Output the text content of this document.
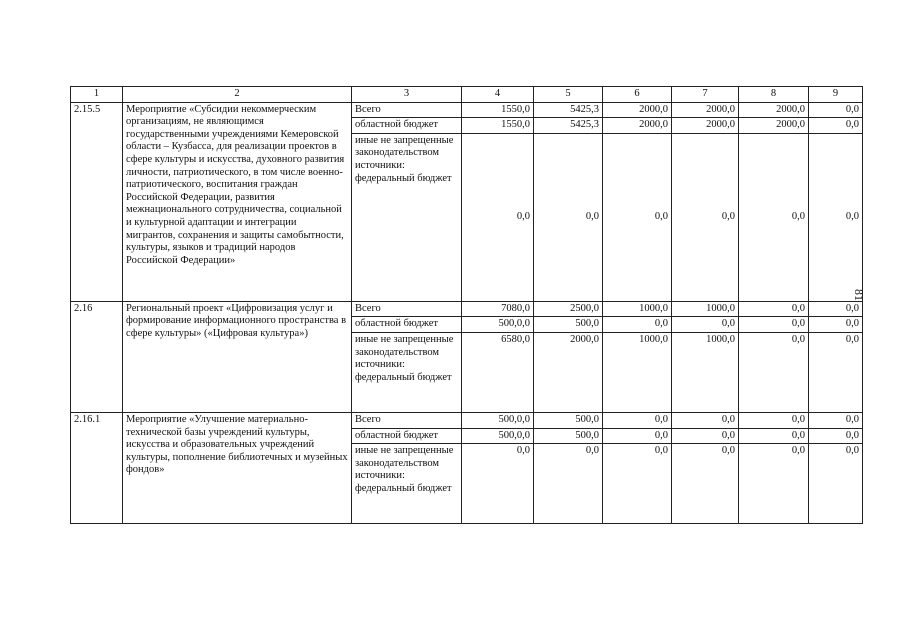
1	2	3	4	5	6	7	8	9
2.15.5	Мероприятие «Субсидии некоммерческим организациям, не являющимся государственными учреждениями Кемеровской области – Кузбасса, для реализации проектов в сфере культуры и искусства, духовного развития личности, патриотического, в том числе военно-патриотического, воспитания граждан Российской Федерации, развития межнационального сотрудничества, социальной и культурной адаптации и интеграции мигрантов, сохранения и защиты самобытности, культуры, языков и традиций народов Российской Федерации»	Всего	1550,0	5425,3	2000,0	2000,0	2000,0	0,0
		областной бюджет	1550,0	5425,3	2000,0	2000,0	2000,0	0,0
		иные не запрещенные законодательством источники: федеральный бюджет	0,0	0,0	0,0	0,0	0,0	0,0
2.16	Региональный проект «Цифровизация услуг и формирование информационного пространства в сфере культуры» («Цифровая культура»)	Всего	7080,0	2500,0	1000,0	1000,0	0,0	0,0
		областной бюджет	500,0,0	500,0	0,0	0,0	0,0	0,0
		иные не запрещенные законодательством источники: федеральный бюджет	6580,0	2000,0	1000,0	1000,0	0,0	0,0
2.16.1	Мероприятие «Улучшение материально-технической базы учреждений культуры, искусства и образовательных учреждений культуры, пополнение библиотечных и музейных фондов»	Всего	500,0,0	500,0	0,0	0,0	0,0	0,0
		областной бюджет	500,0,0	500,0	0,0	0,0	0,0	0,0
		иные не запрещенные законодательством источники: федеральный бюджет	0,0	0,0	0,0	0,0	0,0	0,0
81
